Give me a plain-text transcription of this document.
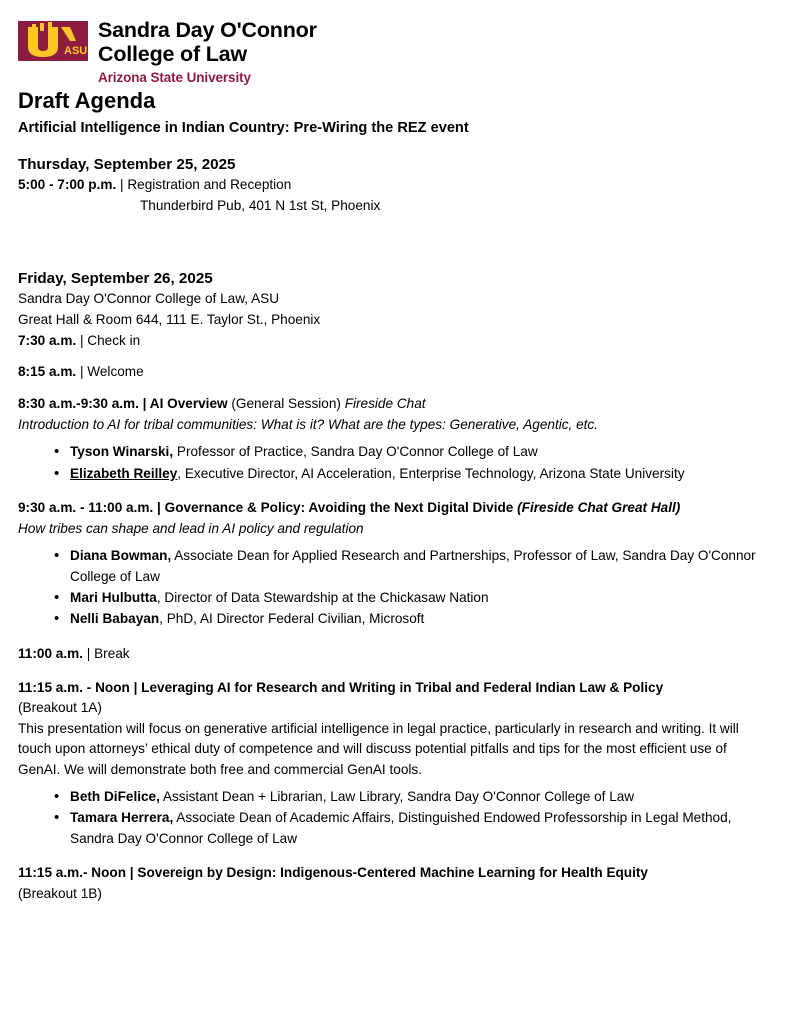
ASU
Sandra Day O'Connor
College of Law
Arizona State University
Draft Agenda
Artificial Intelligence in Indian Country: Pre-Wiring the REZ event
Thursday, September 25, 2025

5:00 - 7:00 p.m. | Registration and Reception

Thunderbird Pub, 401 N 1st St, Phoenix

Friday, September 26, 2025

Sandra Day O'Connor College of Law, ASU

Great Hall & Room 644, 111 E. Taylor St., Phoenix

7:30 a.m. | Check in

8:15 a.m. | Welcome

8:30 a.m.-9:30 a.m. | AI Overview (General Session) Fireside Chat

Introduction to AI for tribal communities: What is it? What are the types: Generative, Agentic, etc.

• Tyson Winarski, Professor of Practice, Sandra Day O'Connor College of Law
• Elizabeth Reilley, Executive Director, AI Acceleration, Enterprise Technology, Arizona State University

9:30 a.m. - 11:00 a.m. | Governance & Policy: Avoiding the Next Digital Divide (Fireside Chat Great Hall)

How tribes can shape and lead in AI policy and regulation

• Diana Bowman, Associate Dean for Applied Research and Partnerships, Professor of Law, Sandra Day O'Connor College of Law
• Mari Hulbutta, Director of Data Stewardship at the Chickasaw Nation
• Nelli Babayan, PhD, AI Director Federal Civilian, Microsoft

11:00 a.m. | Break

11:15 a.m. - Noon | Leveraging AI for Research and Writing in Tribal and Federal Indian Law & Policy

(Breakout 1A)

This presentation will focus on generative artificial intelligence in legal practice, particularly in research and writing. It will touch upon attorneys’ ethical duty of competence and will discuss potential pitfalls and tips for the most efficient use of GenAI. We will demonstrate both free and commercial GenAI tools.

• Beth DiFelice, Assistant Dean + Librarian, Law Library, Sandra Day O'Connor College of Law
• Tamara Herrera, Associate Dean of Academic Affairs, Distinguished Endowed Professorship in Legal Method, Sandra Day O'Connor College of Law

11:15 a.m.- Noon | Sovereign by Design: Indigenous-Centered Machine Learning for Health Equity

(Breakout 1B)
